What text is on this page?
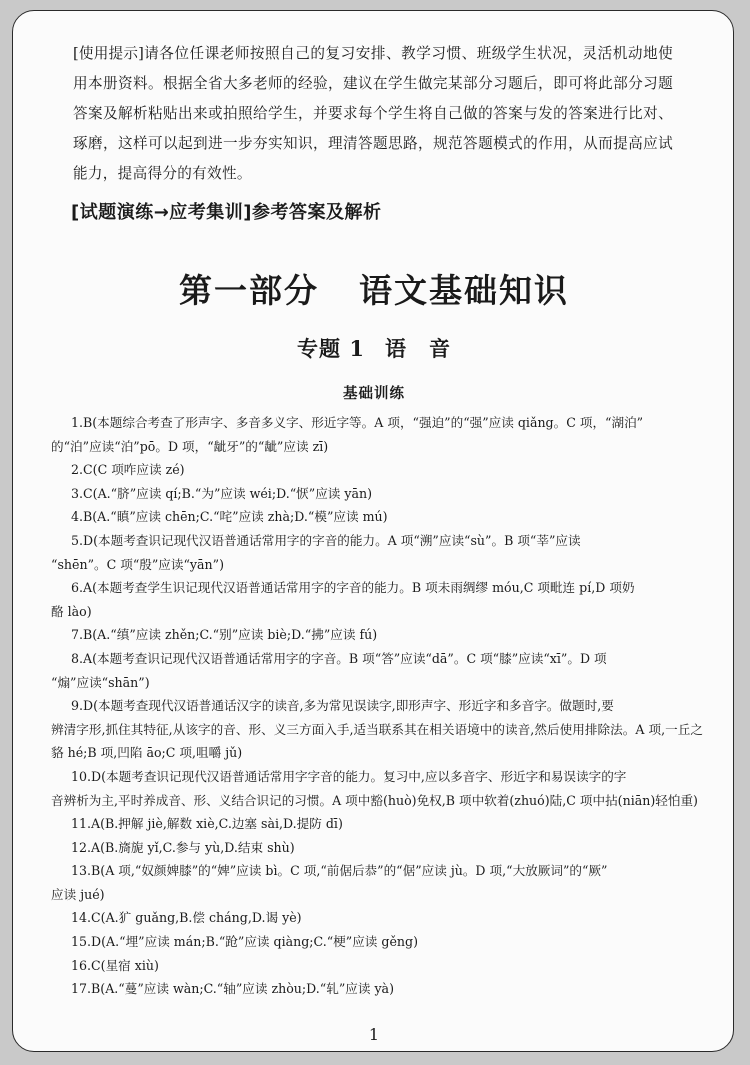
[使用提示]请各位任课老师按照自己的复习安排、教学习惯、班级学生状况，灵活机动地使用本册资料。根据全省大多老师的经验，建议在学生做完某部分习题后，即可将此部分习题答案及解析粘贴出来或拍照给学生，并要求每个学生将自己做的答案与发的答案进行比对、琢磨，这样可以起到进一步夯实知识，理清答题思路，规范答题模式的作用，从而提高应试能力，提高得分的有效性。
[试题演练→应考集训]参考答案及解析
第一部分 语文基础知识
专题 1 语　音
基础训练

1.B(本题综合考查了形声字、多音多义字、形近字等。A 项，“强迫”的“强”应读 qiǎng。C 项，“湖泊”
的“泊”应读“泊”pō。D 项，“龇牙”的“龇”应读 zī)

2.C(C 项咋应读 zé)

3.C(A.“脐”应读 qí;B.“为”应读 wéi;D.“恹”应读 yān)

4.B(A.“瞋”应读 chēn;C.“咤”应读 zhà;D.“模”应读 mú)

5.D(本题考查识记现代汉语普通话常用字的字音的能力。A 项“溯”应读“sù”。B 项“莘”应读
“shēn”。C 项“殷”应读“yān”)

6.A(本题考查学生识记现代汉语普通话常用字的字音的能力。B 项未雨绸缪 móu,C 项毗连 pí,D 项奶
酪 lào)

7.B(A.“缜”应读 zhěn;C.“别”应读 biè;D.“拂”应读 fú)

8.A(本题考查识记现代汉语普通话常用字的字音。B 项“答”应读“dā”。C 项“膝”应读“xī”。D 项
“煽”应读“shān”)

9.D(本题考查现代汉语普通话汉字的读音,多为常见误读字,即形声字、形近字和多音字。做题时,要
辨清字形,抓住其特征,从该字的音、形、义三方面入手,适当联系其在相关语境中的读音,然后使用排除法。A 项,一丘之貉 hé;B 项,凹陷 āo;C 项,咀嚼 jǔ)

10.D(本题考查识记现代汉语普通话常用字字音的能力。复习中,应以多音字、形近字和易误读字的字
音辨析为主,平时养成音、形、义结合识记的习惯。A 项中豁(huò)免权,B 项中软着(zhuó)陆,C 项中拈(niān)轻怕重)

11.A(B.押解 jiè,解数 xiè,C.边塞 sài,D.提防 dī)

12.A(B.旖旎 yǐ,C.参与 yù,D.结束 shù)

13.B(A 项,“奴颜婢膝”的“婢”应读 bì。C 项,“前倨后恭”的“倨”应读 jù。D 项,“大放厥词”的“厥”
应读 jué)

14.C(A.犷 guǎng,B.偿 cháng,D.谒 yè)

15.D(A.“埋”应读 mán;B.“跄”应读 qiàng;C.“梗”应读 gěng)

16.C(星宿 xiù)

17.B(A.“蔓”应读 wàn;C.“轴”应读 zhòu;D.“轧”应读 yà)

1
